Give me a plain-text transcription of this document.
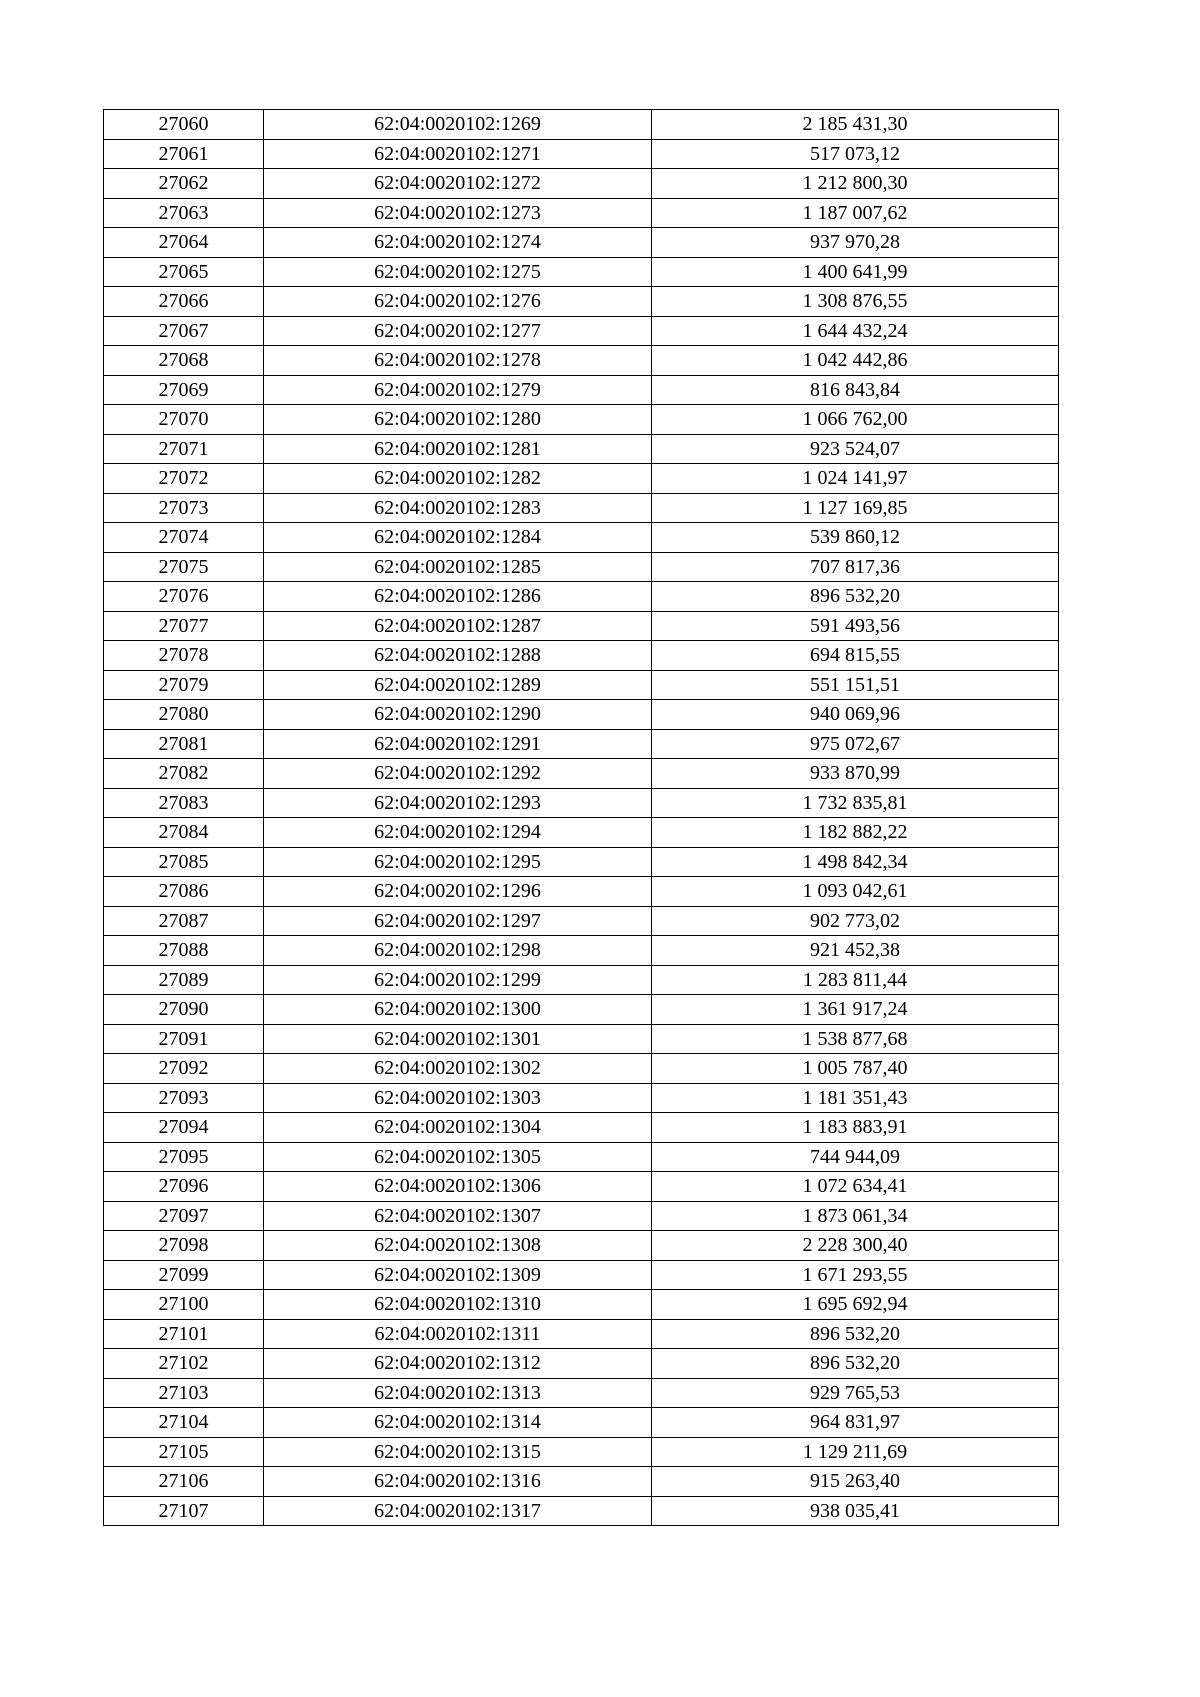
27060	62:04:0020102:1269	2 185 431,30
27061	62:04:0020102:1271	517 073,12
27062	62:04:0020102:1272	1 212 800,30
27063	62:04:0020102:1273	1 187 007,62
27064	62:04:0020102:1274	937 970,28
27065	62:04:0020102:1275	1 400 641,99
27066	62:04:0020102:1276	1 308 876,55
27067	62:04:0020102:1277	1 644 432,24
27068	62:04:0020102:1278	1 042 442,86
27069	62:04:0020102:1279	816 843,84
27070	62:04:0020102:1280	1 066 762,00
27071	62:04:0020102:1281	923 524,07
27072	62:04:0020102:1282	1 024 141,97
27073	62:04:0020102:1283	1 127 169,85
27074	62:04:0020102:1284	539 860,12
27075	62:04:0020102:1285	707 817,36
27076	62:04:0020102:1286	896 532,20
27077	62:04:0020102:1287	591 493,56
27078	62:04:0020102:1288	694 815,55
27079	62:04:0020102:1289	551 151,51
27080	62:04:0020102:1290	940 069,96
27081	62:04:0020102:1291	975 072,67
27082	62:04:0020102:1292	933 870,99
27083	62:04:0020102:1293	1 732 835,81
27084	62:04:0020102:1294	1 182 882,22
27085	62:04:0020102:1295	1 498 842,34
27086	62:04:0020102:1296	1 093 042,61
27087	62:04:0020102:1297	902 773,02
27088	62:04:0020102:1298	921 452,38
27089	62:04:0020102:1299	1 283 811,44
27090	62:04:0020102:1300	1 361 917,24
27091	62:04:0020102:1301	1 538 877,68
27092	62:04:0020102:1302	1 005 787,40
27093	62:04:0020102:1303	1 181 351,43
27094	62:04:0020102:1304	1 183 883,91
27095	62:04:0020102:1305	744 944,09
27096	62:04:0020102:1306	1 072 634,41
27097	62:04:0020102:1307	1 873 061,34
27098	62:04:0020102:1308	2 228 300,40
27099	62:04:0020102:1309	1 671 293,55
27100	62:04:0020102:1310	1 695 692,94
27101	62:04:0020102:1311	896 532,20
27102	62:04:0020102:1312	896 532,20
27103	62:04:0020102:1313	929 765,53
27104	62:04:0020102:1314	964 831,97
27105	62:04:0020102:1315	1 129 211,69
27106	62:04:0020102:1316	915 263,40
27107	62:04:0020102:1317	938 035,41
